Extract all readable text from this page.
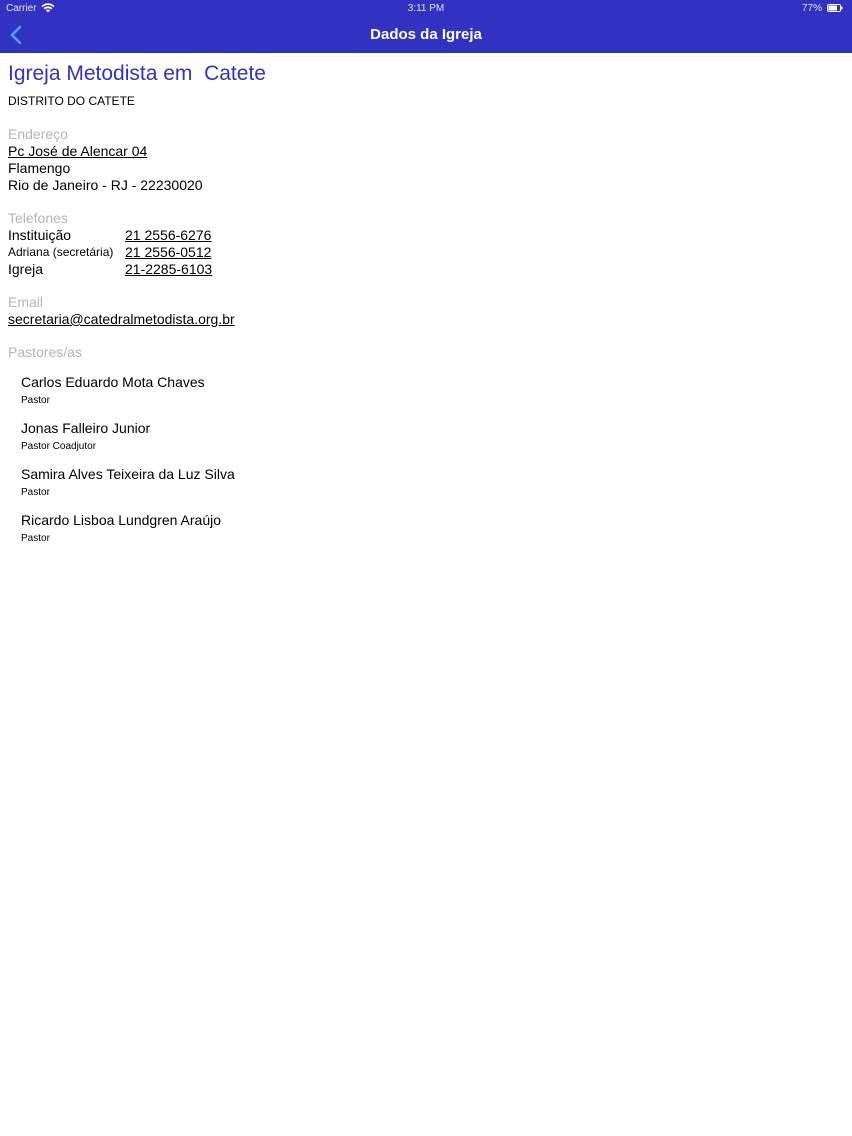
Carrier	3:11 PM	77%
Dados da Igreja
Igreja Metodista em  Catete
DISTRITO DO CATETE
Endereço
Pc José de Alencar 04
Flamengo
Rio de Janeiro - RJ - 22230020
Telefones
Instituição	21 2556-6276
Adriana (secretária) 21 2556-0512
Igreja	21-2285-6103
Email
secretaria@catedralmetodista.org.br
Pastores/as
Carlos Eduardo Mota Chaves
Pastor
Jonas Falleiro Junior
Pastor Coadjutor
Samira Alves Teixeira da Luz Silva
Pastor
Ricardo Lisboa Lundgren Araújo
Pastor
